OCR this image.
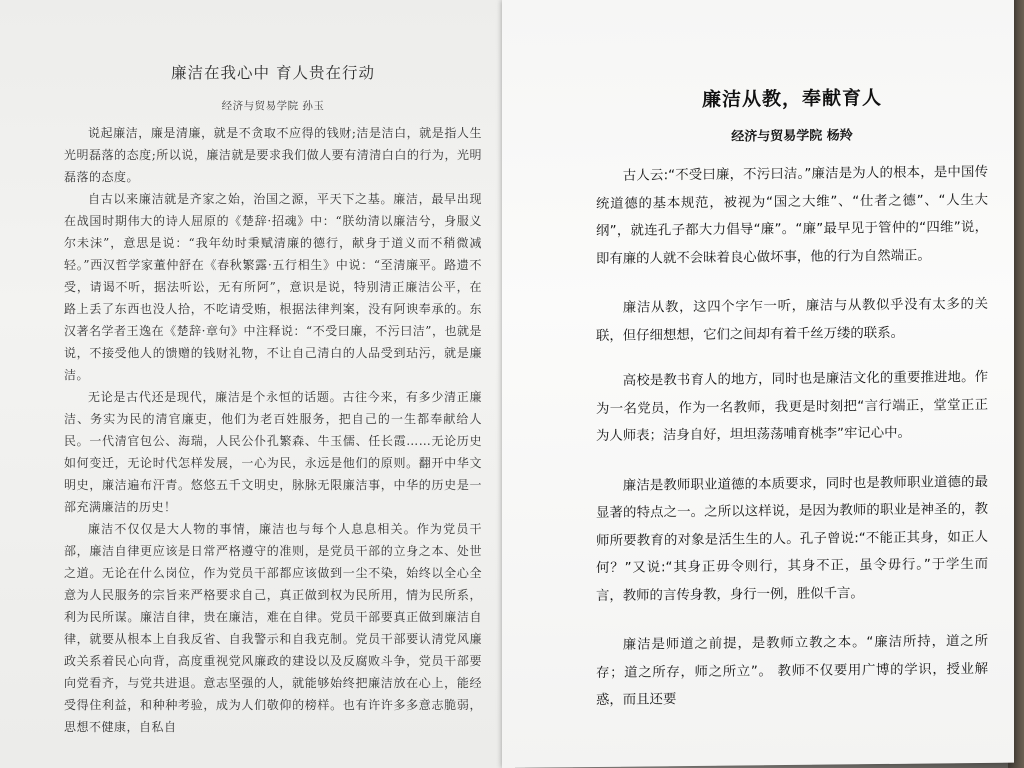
廉洁在我心中 育人贵在行动
经济与贸易学院 孙玉

说起廉洁，廉是清廉，就是不贪取不应得的钱财;洁是洁白，就是指人生光明磊落的态度;所以说，廉洁就是要求我们做人要有清清白白的行为，光明磊落的态度。

自古以来廉洁就是齐家之始，治国之源，平天下之基。廉洁，最早出现在战国时期伟大的诗人屈原的《楚辞·招魂》中：“朕幼清以廉洁兮，身服义尔未沫”，意思是说：“我年幼时秉赋清廉的德行，献身于道义而不稍微减轻。”西汉哲学家董仲舒在《春秋繁露·五行相生》中说：“至清廉平。路遗不受，请谒不听，据法听讼，无有所阿”，意识是说，特别清正廉洁公平，在路上丢了东西也没人拾，不吃请受贿，根据法律判案，没有阿谀奉承的。东汉著名学者王逸在《楚辞·章句》中注释说：“不受曰廉，不污曰洁”，也就是说，不接受他人的馈赠的钱财礼物，不让自己清白的人品受到玷污，就是廉洁。

无论是古代还是现代，廉洁是个永恒的话题。古往今来，有多少清正廉洁、务实为民的清官廉吏，他们为老百姓服务，把自己的一生都奉献给人民。一代清官包公、海瑞，人民公仆孔繁森、牛玉儒、任长霞……无论历史如何变迁，无论时代怎样发展，一心为民，永远是他们的原则。翻开中华文明史，廉洁遍布汗青。悠悠五千文明史，脉脉无限廉洁事，中华的历史是一部充满廉洁的历史！

廉洁不仅仅是大人物的事情，廉洁也与每个人息息相关。作为党员干部，廉洁自律更应该是日常严格遵守的准则，是党员干部的立身之本、处世之道。无论在什么岗位，作为党员干部都应该做到一尘不染，始终以全心全意为人民服务的宗旨来严格要求自己，真正做到权为民所用，情为民所系，利为民所谋。廉洁自律，贵在廉洁，难在自律。党员干部要真正做到廉洁自律，就要从根本上自我反省、自我警示和自我克制。党员干部要认清党风廉政关系着民心向背，高度重视党风廉政的建设以及反腐败斗争，党员干部要向党看齐，与党共进退。意志坚强的人，就能够始终把廉洁放在心上，能经受得住利益，和种种考验，成为人们敬仰的榜样。也有许许多多意志脆弱，思想不健康，自私自

廉洁从教，奉献育人
经济与贸易学院 杨羚

古人云:“不受曰廉，不污曰洁。”廉洁是为人的根本，是中国传统道德的基本规范，被视为“国之大维”、“仕者之德”、“人生大纲”，就连孔子都大力倡导“廉”。“廉”最早见于管仲的“四维”说，即有廉的人就不会昧着良心做坏事，他的行为自然端正。

廉洁从教，这四个字乍一听，廉洁与从教似乎没有太多的关联，但仔细想想，它们之间却有着千丝万缕的联系。

高校是教书育人的地方，同时也是廉洁文化的重要推进地。作为一名党员，作为一名教师，我更是时刻把“言行端正，堂堂正正为人师表；洁身自好，坦坦荡荡哺育桃李”牢记心中。

廉洁是教师职业道德的本质要求，同时也是教师职业道德的最显著的特点之一。之所以这样说，是因为教师的职业是神圣的，教师所要教育的对象是活生生的人。孔子曾说:“不能正其身，如正人何？”又说:“其身正毋令则行，其身不正，虽令毋行。”于学生而言，教师的言传身教，身行一例，胜似千言。

廉洁是师道之前提，是教师立教之本。“廉洁所持，道之所存；道之所存，师之所立”。 教师不仅要用广博的学识，授业解惑，而且还要
